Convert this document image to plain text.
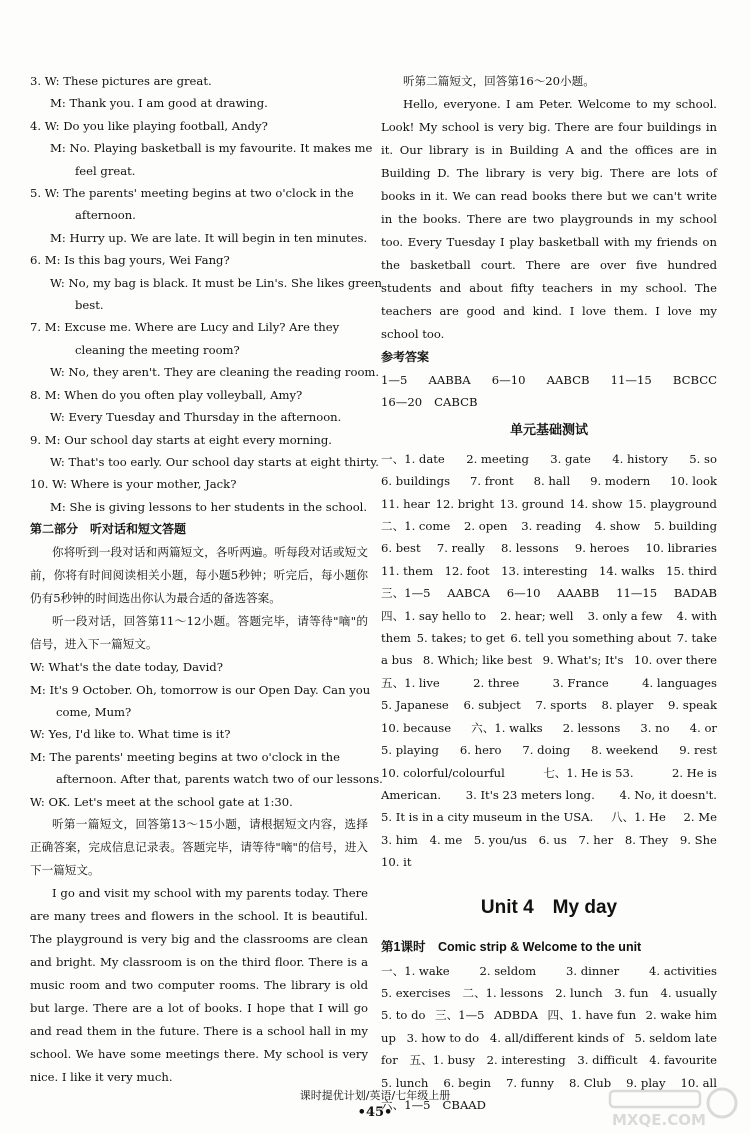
3. W: These pictures are great.
M: Thank you. I am good at drawing.
4. W: Do you like playing football, Andy?
M: No. Playing basketball is my favourite. It makes me
feel great.
5. W: The parents' meeting begins at two o'clock in the
afternoon.
M: Hurry up. We are late. It will begin in ten minutes.
6. M: Is this bag yours, Wei Fang?
W: No, my bag is black. It must be Lin's. She likes green
best.
7. M: Excuse me. Where are Lucy and Lily? Are they
cleaning the meeting room?
W: No, they aren't. They are cleaning the reading room.
8. M: When do you often play volleyball, Amy?
W: Every Tuesday and Thursday in the afternoon.
9. M: Our school day starts at eight every morning.
W: That's too early. Our school day starts at eight thirty.
10. W: Where is your mother, Jack?
M: She is giving lessons to her students in the school.
第二部分　听对话和短文答题
你将听到一段对话和两篇短文，各听两遍。听每段对话或短文前，你将有时间阅读相关小题，每小题5秒钟；听完后，每小题你仍有5秒钟的时间选出你认为最合适的备选答案。
听一段对话，回答第11～12小题。答题完毕，请等待"嘀"的信号，进入下一篇短文。
W: What's the date today, David?
M: It's 9 October. Oh, tomorrow is our Open Day. Can you
come, Mum?
W: Yes, I'd like to. What time is it?
M: The parents' meeting begins at two o'clock in the
afternoon. After that, parents watch two of our lessons.
W: OK. Let's meet at the school gate at 1:30.
听第一篇短文，回答第13～15小题，请根据短文内容，选择正确答案，完成信息记录表。答题完毕，请等待"嘀"的信号，进入下一篇短文。
I go and visit my school with my parents today. There are many trees and flowers in the school. It is beautiful. The playground is very big and the classrooms are clean and bright. My classroom is on the third floor. There is a music room and two computer rooms. The library is old but large. There are a lot of books. I hope that I will go and read them in the future. There is a school hall in my school. We have some meetings there. My school is very nice. I like it very much.
听第二篇短文，回答第16～20小题。
Hello, everyone. I am Peter. Welcome to my school. Look! My school is very big. There are four buildings in it. Our library is in Building A and the offices are in Building D. The library is very big. There are lots of books in it. We can read books there but we can't write in the books. There are two playgrounds in my school too. Every Tuesday I play basketball with my friends on the basketball court. There are over five hundred students and about fifty teachers in my school. The teachers are good and kind. I love them. I love my school too.
参考答案
1—5 AABBA 6—10 AABCB 11—15 BCBCC
16—20 CABCB
单元基础测试
一、1. date 2. meeting 3. gate 4. history 5. so
6. buildings 7. front 8. hall 9. modern 10. look
11. hear 12. bright 13. ground 14. show 15. playground
二、1. come 2. open 3. reading 4. show 5. building
6. best 7. really 8. lessons 9. heroes 10. libraries
11. them 12. foot 13. interesting 14. walks 15. third
三、1—5 AABCA 6—10 AAABB 11—15 BADAB
四、1. say hello to 2. hear; well 3. only a few 4. with
them 5. takes; to get 6. tell you something about 7. take
a bus 8. Which; like best 9. What's; It's 10. over there
五、1. live	2. three	3. France	4. languages
5. Japanese 6. subject 7. sports 8. player 9. speak
10. because 六、1. walks 2. lessons 3. no 4. or
5. playing 6. hero 7. doing 8. weekend 9. rest
10. colorful/colourful	七、1. He is 53.	2. He is
American. 3. It's 23 meters long. 4. No, it doesn't.
5. It is in a city museum in the USA. 八、1. He 2. Me
3. him 4. me 5. you/us 6. us 7. her 8. They 9. She
10. it
Unit 4　My day
第1课时　Comic strip & Welcome to the unit
一、1. wake	2. seldom	3. dinner	4. activities
5. exercises 二、1. lessons 2. lunch 3. fun 4. usually
5. to do 三、1—5 ADBDA 四、1. have fun 2. wake him
up 3. how to do 4. all/different kinds of 5. seldom late
for 五、1. busy 2. interesting 3. difficult 4. favourite
5. lunch 6. begin 7. funny 8. Club 9. play 10. all
六、1—5 CBAAD
课时提优计划/英语/七年级上册
•45•	MXQE.COM
